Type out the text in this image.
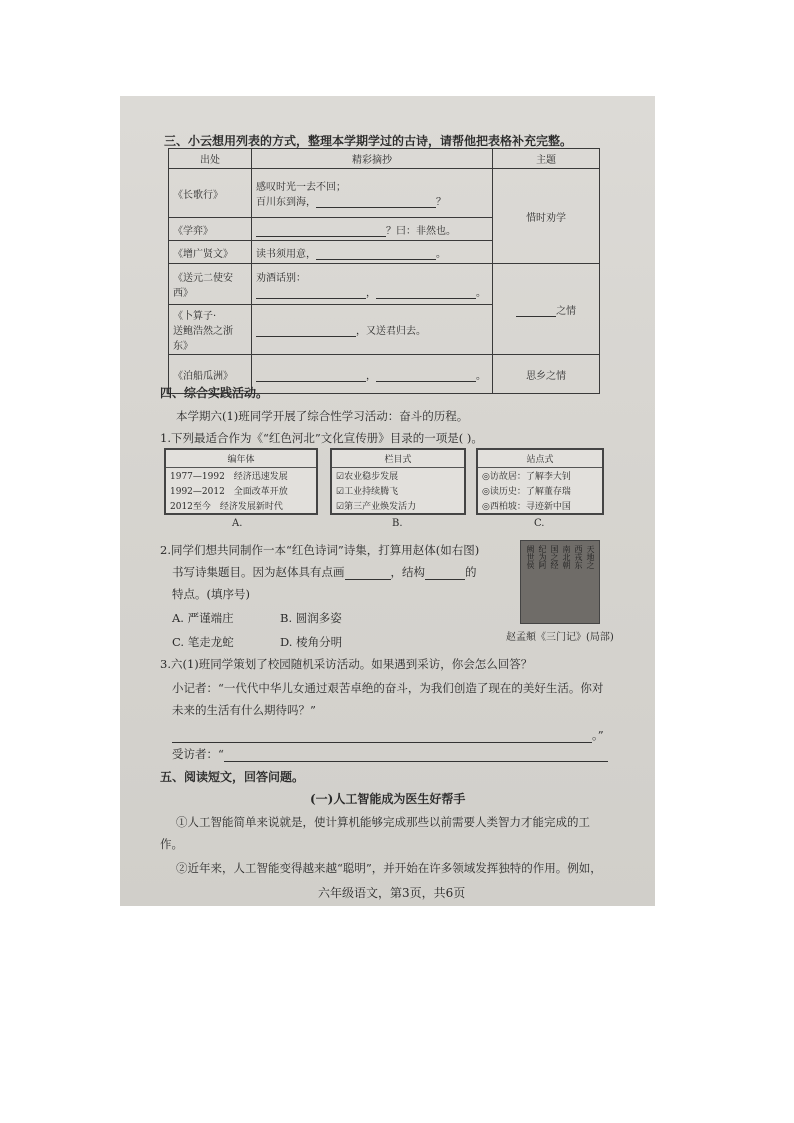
三、小云想用列表的方式，整理本学期学过的古诗，请帮他把表格补充完整。
出处	精彩摘抄	主题
《长歌行》	感叹时光一去不回；
百川东到海， ？	惜时劝学
《学弈》	？曰：非然也。	
《增广贤文》	读书须用意， 。	
《送元二使安西》	劝酒话别：
， 。	之情

《卜算子·
送鲍浩然之浙东》	，又送君归去。	
《泊船瓜洲》	， 。	思乡之情
四、综合实践活动。
本学期六(1)班同学开展了综合性学习活动：奋斗的历程。
1.下列最适合作为《“红色河北”文化宣传册》目录的一项是( )。
编年体
1977—1992　经济迅速发展
1992—2012　全面改革开放
2012至今　经济发展新时代
A.
栏目式
☑农业稳步发展
☑工业持续腾飞
☑第三产业焕发活力
B.
站点式
◎访故居：了解李大钊
◎读历史：了解董存瑞
◎西柏坡：寻迹新中国
C.
2.同学们想共同制作一本“红色诗词”诗集，打算用赵体(如右图)
书写诗集题目。因为赵体具有点画	，结构	的
特点。(填序号)
A. 严谨端庄	B. 圆润多姿
C. 笔走龙蛇	D. 棱角分明
天地之
西戎东
南北朝
国之经
纪为阿
阙世侯
赵孟頫《三门记》(局部)
3.六(1)班同学策划了校园随机采访活动。如果遇到采访，你会怎么回答？
小记者：“一代代中华儿女通过艰苦卓绝的奋斗，为我们创造了现在的美好生活。你对
未来的生活有什么期待吗？”
。”
受访者：“
五、阅读短文，回答问题。
(一)人工智能成为医生好帮手
①人工智能简单来说就是，使计算机能够完成那些以前需要人类智力才能完成的工
作。
②近年来，人工智能变得越来越“聪明”，并开始在许多领域发挥独特的作用。例如，
六年级语文，第3页，共6页
